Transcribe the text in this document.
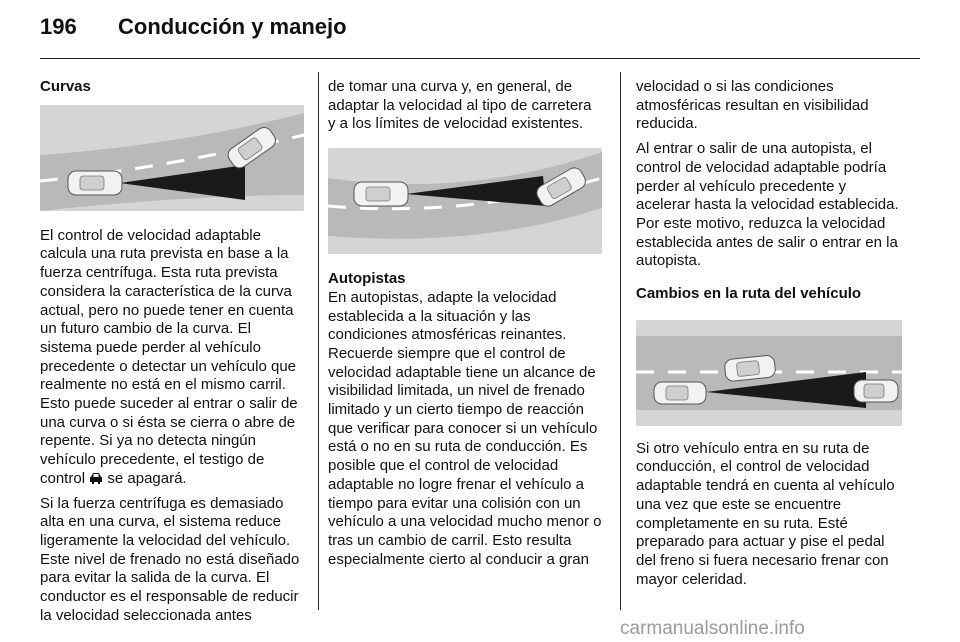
196 Conducción y manejo

Curvas

El control de velocidad adaptable calcula una ruta prevista en base a la fuerza centrífuga. Esta ruta prevista considera la característica de la curva actual, pero no puede tener en cuenta un futuro cambio de la curva. El sistema puede perder al vehículo precedente o detectar un vehículo que realmente no está en el mismo carril. Esto puede suceder al entrar o salir de una curva o si ésta se cierra o abre de repente. Si ya no detecta ningún vehículo precedente, el testigo de control se apagará.

Si la fuerza centrífuga es demasiado alta en una curva, el sistema reduce ligeramente la velocidad del vehículo. Este nivel de frenado no está diseñado para evitar la salida de la curva. El conductor es el responsable de reducir la velocidad seleccionada antes

de tomar una curva y, en general, de adaptar la velocidad al tipo de carretera y a los límites de velocidad existentes.

Autopistas

En autopistas, adapte la velocidad establecida a la situación y las condiciones atmosféricas reinantes. Recuerde siempre que el control de velocidad adaptable tiene un alcance de visibilidad limitada, un nivel de frenado limitado y un cierto tiempo de reacción que verificar para conocer si un vehículo está o no en su ruta de conducción. Es posible que el control de velocidad adaptable no logre frenar el vehículo a tiempo para evitar una colisión con un vehículo a una velocidad mucho menor o tras un cambio de carril. Esto resulta especialmente cierto al conducir a gran

velocidad o si las condiciones atmosféricas resultan en visibilidad reducida.

Al entrar o salir de una autopista, el control de velocidad adaptable podría perder al vehículo precedente y acelerar hasta la velocidad establecida. Por este motivo, reduzca la velocidad establecida antes de salir o entrar en la autopista.

Cambios en la ruta del vehículo

Si otro vehículo entra en su ruta de conducción, el control de velocidad adaptable tendrá en cuenta al vehículo una vez que este se encuentre completamente en su ruta. Esté preparado para actuar y pise el pedal del freno si fuera necesario frenar con mayor celeridad.

carmanualsonline.info
